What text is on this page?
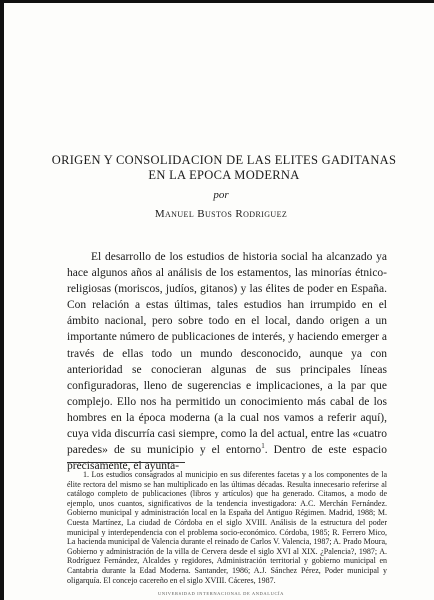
ORIGEN Y CONSOLIDACION DE LAS ELITES GADITANAS
EN LA EPOCA MODERNA
por
Manuel Bustos Rodriguez

El desarrollo de los estudios de historia social ha alcanzado ya hace algunos años al análisis de los estamentos, las minorías étnico-religiosas (moriscos, judíos, gitanos) y las élites de poder en España. Con relación a estas últimas, tales estudios han irrumpido en el ámbito nacional, pero sobre todo en el local, dando origen a un importante número de publicaciones de interés, y haciendo emerger a través de ellas todo un mundo desconocido, aunque ya con anterioridad se conocieran algunas de sus principales líneas configuradoras, lleno de sugerencias e implicaciones, a la par que complejo. Ello nos ha permitido un conocimiento más cabal de los hombres en la época moderna (a la cual nos vamos a referir aquí), cuya vida discurría casi siempre, como la del actual, entre las «cuatro paredes» de su municipio y el entorno$^1$. Dentro de este espacio precisamente, el ayunta-

1. Los estudios consagrados al municipio en sus diferentes facetas y a los componentes de la élite rectora del mismo se han multiplicado en las últimas décadas. Resulta innecesario referirse al catálogo completo de publicaciones (libros y artículos) que ha generado. Citamos, a modo de ejemplo, unos cuantos, significativos de la tendencia investigadora: A.C. Merchán Fernández. Gobierno municipal y administración local en la España del Antiguo Régimen. Madrid, 1988; M. Cuesta Martínez, La ciudad de Córdoba en el siglo XVIII. Análisis de la estructura del poder municipal y interdependencia con el problema socio-económico. Córdoba, 1985; R. Ferrero Mico, La hacienda municipal de Valencia durante el reinado de Carlos V. Valencia, 1987; A. Prado Moura, Gobierno y administración de la villa de Cervera desde el siglo XVI al XIX. ¿Palencia?, 1987; A. Rodríguez Fernández, Alcaldes y regidores, Administración territorial y gobierno municipal en Cantabria durante la Edad Moderna. Santander, 1986; A.J. Sánchez Pérez, Poder municipal y oligarquía. El concejo cacereño en el siglo XVIII. Cáceres, 1987.

UNIVERSIDAD INTERNACIONAL DE ANDALUCÍA
